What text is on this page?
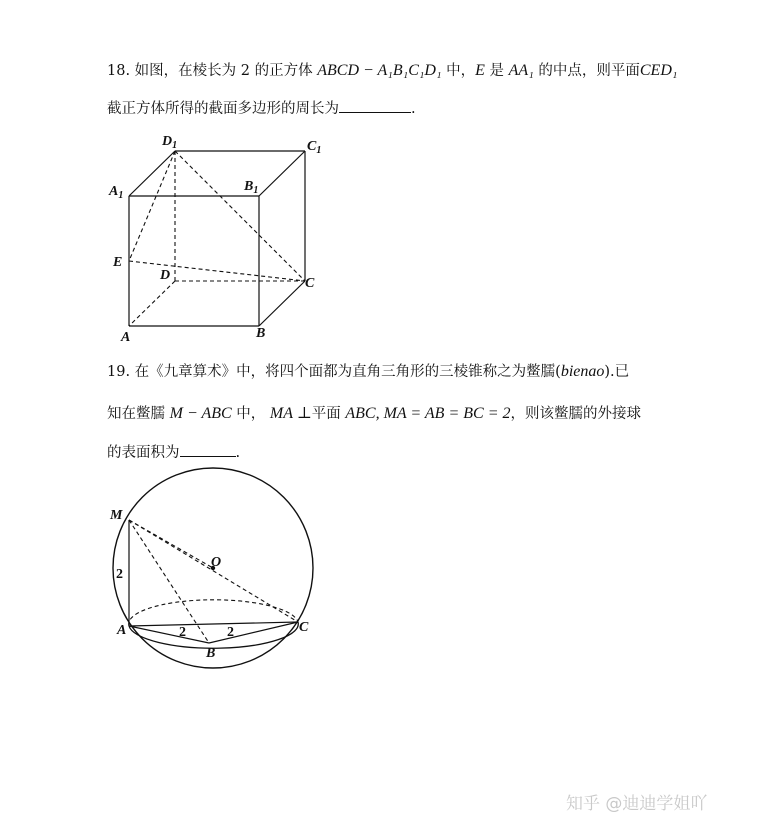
18. 如图，在棱长为 2 的正方体 ABCD − A₁B₁C₁D₁ 中，E 是 AA₁ 的中点，则平面CED₁
截正方体所得的截面多边形的周长为	.
$D_1$	$C_1$
$A_1$
$B_1$
E
D
C
A	B
M
O
A
B
C
2
2	2
19. 在《九章算术》中，将四个面都为直角三角形的三棱锥称之为鳖臑(bienao).已
知在鳖臑 M − ABC 中， MA ⊥平面 ABC, MA = AB = BC = 2，则该鳖臑的外接球
的表面积为	.
知乎 @迪迪学姐吖
